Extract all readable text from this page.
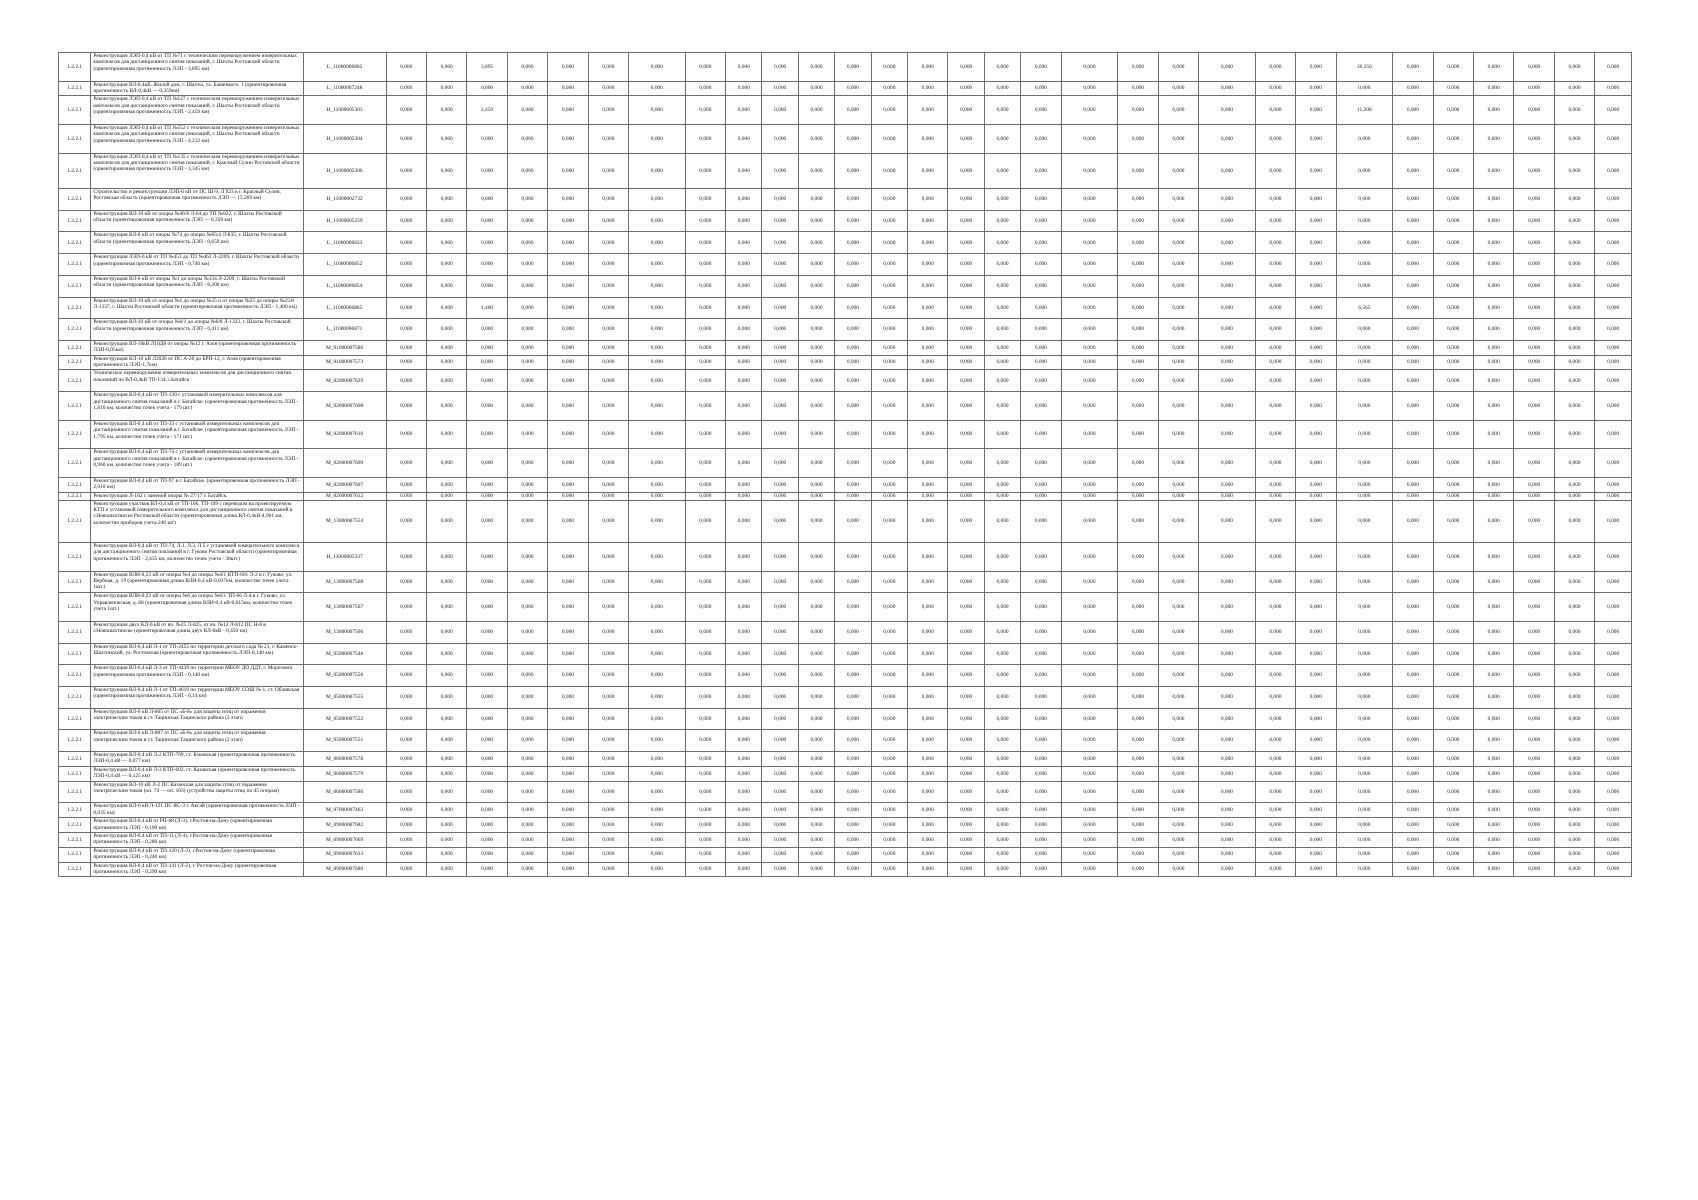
1.2.2.1	Реконструкция ЛЭП-0,4 кВ от ТП №71 с техническим перевооружением измерительных комплексов для дистанционного снятия показаний, г. Шахты Ростовской области (ориентировочная протяженность ЛЭП - 3,895 км)	L_11000006862	0,000	0,000	3,895	0,000	0,000	0,000	0,000	0,000	0,000	0,000	0,000	0,000	0,000	0,000	0,000	0,000	0,000	0,000	0,000	0,000	0,000	0,000	0,000	26,356	0,000	0,000	0,000	0,000	0,000	0,000
1.2.2.1	Реконструкция ВЛ-0,4кВ. Жилой дом, г. Шахты, ул. Башенкого, 1 (ориентировочная протяженность ВЛ-0,4кВ — 0,359км)	L_11000007248	0,000	0,000	0,000	0,000	0,000	0,000	0,000	0,000	0,000	0,000	0,000	0,000	0,000	0,000	0,000	0,000	0,000	0,000	0,000	0,000	0,000	0,000	0,000	0,000	0,000	0,000	0,000	0,000	0,000	0,000
1.2.2.1	Реконструкция ЛЭП-0,4 кВ от ТП №127 с техническим перевооружением измерительных комплексов для дистанционного снятия показаний, г. Шахты Ростовской области (ориентировочная протяженность ЛЭП - 2,459 км)	H_11000005303	0,000	0,000	2,459	0,000	0,000	0,000	0,000	0,000	0,000	0,000	0,000	0,000	0,000	0,000	0,000	0,000	0,000	0,000	0,000	0,000	0,000	0,000	0,000	11,208	0,000	0,000	0,000	0,000	0,000	0,000
1.2.2.1	Реконструкция ЛЭП-0,4 кВ от ТП №552 с техническим перевооружением измерительных комплексов для дистанционного снятия показаний, г. Шахты Ростовской области (ориентировочная протяженность ЛЭП - 4,212 км)	H_11000005304	0,000	0,000	0,000	0,000	0,000	0,000	0,000	0,000	0,000	0,000	0,000	0,000	0,000	0,000	0,000	0,000	0,000	0,000	0,000	0,000	0,000	0,000	0,000	0,000	0,000	0,000	0,000	0,000	0,000	0,000
1.2.2.1	Реконструкция ЛЭП-0,4 кВ от ТП №135 с техническим перевооружением измерительных комплексов для дистанционного снятия показаний, г. Красный Сулин Ростовской области (ориентировочная протяженность ЛЭП - 3,345 км)	H_11000005306	0,000	0,000	0,000	0,000	0,000	0,000	0,000	0,000	0,000	0,000	0,000	0,000	0,000	0,000	0,000	0,000	0,000	0,000	0,000	0,000	0,000	0,000	0,000	0,000	0,000	0,000	0,000	0,000	0,000	0,000
1.2.2.1	Строительство и реконструкция ЛЭП-6 кВ от ПС Ш-9, Л 923 в г. Красный Сулин, Ростовская область (ориентировочная протяженность ЛЭП — 15,269 км)	H_11000002732	0,000	0,000	0,000	0,000	0,000	0,000	0,000	0,000	0,000	0,000	0,000	0,000	0,000	0,000	0,000	0,000	0,000	0,000	0,000	0,000	0,000	0,000	0,000	0,000	0,000	0,000	0,000	0,000	0,000	0,000
1.2.2.1	Реконструкция ВЛ-10 кВ от опоры №46/8 Л-64 до ТП №822, г. Шахты Ростовской области (ориентировочная протяженность ЛЭП — 0,359 км)	H_11000005259	0,000	0,000	0,000	0,000	0,000	0,000	0,000	0,000	0,000	0,000	0,000	0,000	0,000	0,000	0,000	0,000	0,000	0,000	0,000	0,000	0,000	0,000	0,000	0,000	0,000	0,000	0,000	0,000	0,000	0,000
1.2.2.1	Реконструкция ВЛ-6 кВ от опоры №74 до опоры №85/4 Л-835, г. Шахты Ростовской области (ориентировочная протяженность ЛЭП - 0,659 км)	L_11000006833	0,000	0,000	0,000	0,000	0,000	0,000	0,000	0,000	0,000	0,000	0,000	0,000	0,000	0,000	0,000	0,000	0,000	0,000	0,000	0,000	0,000	0,000	0,000	0,000	0,000	0,000	0,000	0,000	0,000	0,000
1.2.2.1	Реконструкция ЛЭП-6 кВ от ТП №453 до ТП №462 Л-2209, г. Шахты Ростовской области (ориентировочная протяженность ЛЭП - 0,740 км)	L_11000006852	0,000	0,000	0,000	0,000	0,000	0,000	0,000	0,000	0,000	0,000	0,000	0,000	0,000	0,000	0,000	0,000	0,000	0,000	0,000	0,000	0,000	0,000	0,000	0,000	0,000	0,000	0,000	0,000	0,000	0,000
1.2.2.1	Реконструкция ВЛ-6 кВ от опоры №1 до опоры №134 Л-2209, г. Шахты Ростовской области (ориентировочная протяженность ЛЭП - 6,200 км)	L_11000006854	0,000	0,000	0,000	0,000	0,000	0,000	0,000	0,000	0,000	0,000	0,000	0,000	0,000	0,000	0,000	0,000	0,000	0,000	0,000	0,000	0,000	0,000	0,000	0,000	0,000	0,000	0,000	0,000	0,000	0,000
1.2.2.1	Реконструкция ВЛ-10 кВ от опоры №1 до опоры №35 и от опоры №25 до опоры №25/8 Л-1337, г. Шахты Ростовской области (ориентировочная протяженность ЛЭП - 1,400 км)	L_11000006865	0,000	0,000	1,400	0,000	0,000	0,000	0,000	0,000	0,000	0,000	0,000	0,000	0,000	0,000	0,000	0,000	0,000	0,000	0,000	0,000	0,000	0,000	0,000	6,565	0,000	0,000	0,000	0,000	0,000	0,000
1.2.2.1	Реконструкция ВЛ-10 кВ от опоры №6/1 до опоры №6/8 Л-1322, г. Шахты Ростовской области (ориентировочная протяженность ЛЭП - 0,411 км)	L_11000006871	0,000	0,000	0,000	0,000	0,000	0,000	0,000	0,000	0,000	0,000	0,000	0,000	0,000	0,000	0,000	0,000	0,000	0,000	0,000	0,000	0,000	0,000	0,000	0,000	0,000	0,000	0,000	0,000	0,000	0,000
1.2.2.1	Реконструкция ВЛ-10кВ Л10Д8 от опоры №12 г. Азов (ориентировочная протяженность ЛЭП-0,05км)	M_01000007586	0,000	0,000	0,000	0,000	0,000	0,000	0,000	0,000	0,000	0,000	0,000	0,000	0,000	0,000	0,000	0,000	0,000	0,000	0,000	0,000	0,000	0,000	0,000	0,000	0,000	0,000	0,000	0,000	0,000	0,000
1.2.2.1	Реконструкция КЛ-10 кВ Л2028 от ПС А-20 до БРП-12, г. Азов (ориентировочная протяженность ЛЭП-1,7км)	M_01000007573	0,000	0,000	0,000	0,000	0,000	0,000	0,000	0,000	0,000	0,000	0,000	0,000	0,000	0,000	0,000	0,000	0,000	0,000	0,000	0,000	0,000	0,000	0,000	0,000	0,000	0,000	0,000	0,000	0,000	0,000
1.2.2.1	Техническое перевооружение измерительных комплексов для дистанционного снятия показаний по ВЛ-0,4кВ ТП-134, г.Батайск	M_02000007629	0,000	0,000	0,000	0,000	0,000	0,000	0,000	0,000	0,000	0,000	0,000	0,000	0,000	0,000	0,000	0,000	0,000	0,000	0,000	0,000	0,000	0,000	0,000	0,000	0,000	0,000	0,000	0,000	0,000	0,000
1.2.2.1	Реконструкция ВЛ-0,4 кВ от ТП-130 с установкой измерительных комплексов для дистанционного снятия показаний в г. Батайске. (ориентировочная протяженность ЛЭП - 1,810 км, количество точек учета - 179 шт.)	M_02000007608	0,000	0,000	0,000	0,000	0,000	0,000	0,000	0,000	0,000	0,000	0,000	0,000	0,000	0,000	0,000	0,000	0,000	0,000	0,000	0,000	0,000	0,000	0,000	0,000	0,000	0,000	0,000	0,000	0,000	0,000
1.2.2.1	Реконструкция ВЛ-0,4 кВ от ТП-33 с установкой измерительных комплексов для дистанционного снятия показаний в г. Батайске. (ориентировочная протяженность ЛЭП - 1,795 км, количество точек учета - 171 шт.)	M_02000007610	0,000	0,000	0,000	0,000	0,000	0,000	0,000	0,000	0,000	0,000	0,000	0,000	0,000	0,000	0,000	0,000	0,000	0,000	0,000	0,000	0,000	0,000	0,000	0,000	0,000	0,000	0,000	0,000	0,000	0,000
1.2.2.1	Реконструкция ВЛ-0,4 кВ от ТП-74 с установкой измерительных комплексов для дистанционного снятия показаний в г. Батайске. (ориентировочная протяженность ЛЭП - 0,960 км, количество точек учета - 189 шт.)	M_02000007609	0,000	0,000	0,000	0,000	0,000	0,000	0,000	0,000	0,000	0,000	0,000	0,000	0,000	0,000	0,000	0,000	0,000	0,000	0,000	0,000	0,000	0,000	0,000	0,000	0,000	0,000	0,000	0,000	0,000	0,000
1.2.2.1	Реконструкция ВЛ-0,4 кВ от ТП-97 в г. Батайске. (ориентировочная протяженность ЛЭП - 2,010 км)	M_02000007607	0,000	0,000	0,000	0,000	0,000	0,000	0,000	0,000	0,000	0,000	0,000	0,000	0,000	0,000	0,000	0,000	0,000	0,000	0,000	0,000	0,000	0,000	0,000	0,000	0,000	0,000	0,000	0,000	0,000	0,000
1.2.2.1	Реконструкция Л-162 с заменой опоры № 27/17 г. Батайск.	M_02000007612	0,000	0,000	0,000	0,000	0,000	0,000	0,000	0,000	0,000	0,000	0,000	0,000	0,000	0,000	0,000	0,000	0,000	0,000	0,000	0,000	0,000	0,000	0,000	0,000	0,000	0,000	0,000	0,000	0,000	0,000
1.2.2.1	Реконструкция участков ВЛ-0,4 кВ от ТП-106, ТП-109 с переводом на проектируемую КТП и установкой измерительного комплекса для дистанционного снятия показаний в г.Новошахтинске Ростовской области (ориентировочная длина ВЛ-0,4кВ-4,901 км, количество приборов учета-246 шт)	M_13000007554	0,000	0,000	0,000	0,000	0,000	0,000	0,000	0,000	0,000	0,000	0,000	0,000	0,000	0,000	0,000	0,000	0,000	0,000	0,000	0,000	0,000	0,000	0,000	0,000	0,000	0,000	0,000	0,000	0,000	0,000
1.2.2.1	Реконструкция ВЛ-0,4 кВ от ТП-74, Л.1, Л.3, Л.5 с установкой измерительного комплекса для дистанционного снятия показаний в г. Гуково Ростовской области (ориентировочная протяженность ЛЭП - 2,435 км, количество точек учета - 38шт.)	H_13000005337	0,000	0,000	0,000	0,000	0,000	0,000	0,000	0,000	0,000	0,000	0,000	0,000	0,000	0,000	0,000	0,000	0,000	0,000	0,000	0,000	0,000	0,000	0,000	0,000	0,000	0,000	0,000	0,000	0,000	0,000
1.2.2.1	Реконструкция ВЛИ-0,23 кВ от опоры №4 до опоры №4/1 КТП-601 Л-2 в г. Гуково, ул. Вербная, д. 19 (ориентировочная длина ВЛИ-0,4 кВ-0,037км, количество точек учета 1шт.)	M_13000007568	0,000	0,000	0,000	0,000	0,000	0,000	0,000	0,000	0,000	0,000	0,000	0,000	0,000	0,000	0,000	0,000	0,000	0,000	0,000	0,000	0,000	0,000	0,000	0,000	0,000	0,000	0,000	0,000	0,000	0,000
1.2.2.1	Реконструкция ВЛИ-0,23 кВ от опоры №6 до опоры №6/1 ТП-66 Л-4 в г. Гуково, ул. Управленческая, д. 88 (ориентировочная длина ВЛИ-0,4 кВ-0,015км, количество точек учета 1шт.)	M_13000007567	0,000	0,000	0,000	0,000	0,000	0,000	0,000	0,000	0,000	0,000	0,000	0,000	0,000	0,000	0,000	0,000	0,000	0,000	0,000	0,000	0,000	0,000	0,000	0,000	0,000	0,000	0,000	0,000	0,000	0,000
1.2.2.1	Реконструкция двух КЛ-6 кВ от яч. №25 Л-825, от яч. №12 Л-812 ПС Н-8 в г.Новошахтинске (ориентировочная длина двух КЛ-6кВ - 0,450 км)	M_13000007566	0,000	0,000	0,000	0,000	0,000	0,000	0,000	0,000	0,000	0,000	0,000	0,000	0,000	0,000	0,000	0,000	0,000	0,000	0,000	0,000	0,000	0,000	0,000	0,000	0,000	0,000	0,000	0,000	0,000	0,000
1.2.2.1	Реконструкция ВЛ-0,4 кВ Л-1 от ТП-2455 по территории детского сада № 21, г. Каменск-Шахтинский, ул. Ростовская (ориентировочная протяженность ЛЭП-0,140 км)	M_05000007548	0,000	0,000	0,000	0,000	0,000	0,000	0,000	0,000	0,000	0,000	0,000	0,000	0,000	0,000	0,000	0,000	0,000	0,000	0,000	0,000	0,000	0,000	0,000	0,000	0,000	0,000	0,000	0,000	0,000	0,000
1.2.2.1	Реконструкция ВЛ-0,4 кВ Л-3 от ТП-4439 по территории МБОУ ДО ДДТ, г. Морозовск (ориентировочная протяженность ЛЭП - 0,140 км)	M_05000007556	0,000	0,000	0,000	0,000	0,000	0,000	0,000	0,000	0,000	0,000	0,000	0,000	0,000	0,000	0,000	0,000	0,000	0,000	0,000	0,000	0,000	0,000	0,000	0,000	0,000	0,000	0,000	0,000	0,000	0,000
1.2.2.1	Реконструкция ВЛ-0,4 кВ Л-1 от ТП-4619 по территории МБОУ СОШ № 1, ст. Обливская (ориентировочная протяженность ЛЭП - 0,14 км)	M_05000007555	0,000	0,000	0,000	0,000	0,000	0,000	0,000	0,000	0,000	0,000	0,000	0,000	0,000	0,000	0,000	0,000	0,000	0,000	0,000	0,000	0,000	0,000	0,000	0,000	0,000	0,000	0,000	0,000	0,000	0,000
1.2.2.1	Реконструкция ВЛ-6 кВ Л-805 от ПС «Б-8» для защиты птиц от поражения электрическим током в ст. Тацинская Тацинского района (2 этап)	M_05000007552	0,000	0,000	0,000	0,000	0,000	0,000	0,000	0,000	0,000	0,000	0,000	0,000	0,000	0,000	0,000	0,000	0,000	0,000	0,000	0,000	0,000	0,000	0,000	0,000	0,000	0,000	0,000	0,000	0,000	0,000
1.2.2.1	Реконструкция ВЛ-6 кВ Л-807 от ПС «Б-8» для защиты птиц от поражения электрическим током в ст. Тацинская Тацинского района (2 этап)	M_05000007551	0,000	0,000	0,000	0,000	0,000	0,000	0,000	0,000	0,000	0,000	0,000	0,000	0,000	0,000	0,000	0,000	0,000	0,000	0,000	0,000	0,000	0,000	0,000	0,000	0,000	0,000	0,000	0,000	0,000	0,000
1.2.2.1	Реконструкция ВЛ-0,4 кВ Л-2 КТП-709, ст. Боковская (ориентировочная протяженность ЛЭП-0,4 кВ — 0,077 км)	M_06000007578	0,000	0,000	0,000	0,000	0,000	0,000	0,000	0,000	0,000	0,000	0,000	0,000	0,000	0,000	0,000	0,000	0,000	0,000	0,000	0,000	0,000	0,000	0,000	0,000	0,000	0,000	0,000	0,000	0,000	0,000
1.2.2.1	Реконструкция ВЛ-0,4 кВ Л-3 КТП-602, ст. Казанская (ориентировочная протяженность ЛЭП-0,4 кВ — 0,125 км)	M_06000007579	0,000	0,000	0,000	0,000	0,000	0,000	0,000	0,000	0,000	0,000	0,000	0,000	0,000	0,000	0,000	0,000	0,000	0,000	0,000	0,000	0,000	0,000	0,000	0,000	0,000	0,000	0,000	0,000	0,000	0,000
1.2.2.1	Реконструкция ВЛ-10 кВ Л-2 ПС Казанская для защиты птиц от поражения электрическим током (оп. 74 — оп. 103) (устройства защиты птиц по 45 опорам)	M_06000007580	0,000	0,000	0,000	0,000	0,000	0,000	0,000	0,000	0,000	0,000	0,000	0,000	0,000	0,000	0,000	0,000	0,000	0,000	0,000	0,000	0,000	0,000	0,000	0,000	0,000	0,000	0,000	0,000	0,000	0,000
1.2.2.1	Реконструкция КЛ-6 кВ Л-121 ПС ЯС-3 г. Аксай (ориентировочная протяженность ЛЭП - 0,035 км)	M_07000007463	0,000	0,000	0,000	0,000	0,000	0,000	0,000	0,000	0,000	0,000	0,000	0,000	0,000	0,000	0,000	0,000	0,000	0,000	0,000	0,000	0,000	0,000	0,000	0,000	0,000	0,000	0,000	0,000	0,000	0,000
1.2.2.1	Реконструкция ВЛ-0,4 кВ от РП-68 (Л-3), г.Ростов-на-Дону (ориентировочная протяженность ЛЭП - 0,100 км)	M_09000007682	0,000	0,000	0,000	0,000	0,000	0,000	0,000	0,000	0,000	0,000	0,000	0,000	0,000	0,000	0,000	0,000	0,000	0,000	0,000	0,000	0,000	0,000	0,000	0,000	0,000	0,000	0,000	0,000	0,000	0,000
1.2.2.1	Реконструкция ВЛ-0,4 кВ от ТП-11 (Л-4), г.Ростов-на-Дону (ориентировочная протяженность ЛЭП - 0,280 км)	M_09000007669	0,000	0,000	0,000	0,000	0,000	0,000	0,000	0,000	0,000	0,000	0,000	0,000	0,000	0,000	0,000	0,000	0,000	0,000	0,000	0,000	0,000	0,000	0,000	0,000	0,000	0,000	0,000	0,000	0,000	0,000
1.2.2.1	Реконструкция ВЛ-0,4 кВ от ТП-120 (Л-2), г.Ростов-на-Дону (ориентировочная протяженность ЛЭП - 0,240 км)	M_09000007633	0,000	0,000	0,000	0,000	0,000	0,000	0,000	0,000	0,000	0,000	0,000	0,000	0,000	0,000	0,000	0,000	0,000	0,000	0,000	0,000	0,000	0,000	0,000	0,000	0,000	0,000	0,000	0,000	0,000	0,000
1.2.2.1	Реконструкция ВЛ-0,4 кВ от ТП-141 (Л-2), г. Ростов-на-Дону (ориентировочная протяженность ЛЭП - 0,290 км)	M_09000007680	0,000	0,000	0,000	0,000	0,000	0,000	0,000	0,000	0,000	0,000	0,000	0,000	0,000	0,000	0,000	0,000	0,000	0,000	0,000	0,000	0,000	0,000	0,000	0,000	0,000	0,000	0,000	0,000	0,000	0,000
